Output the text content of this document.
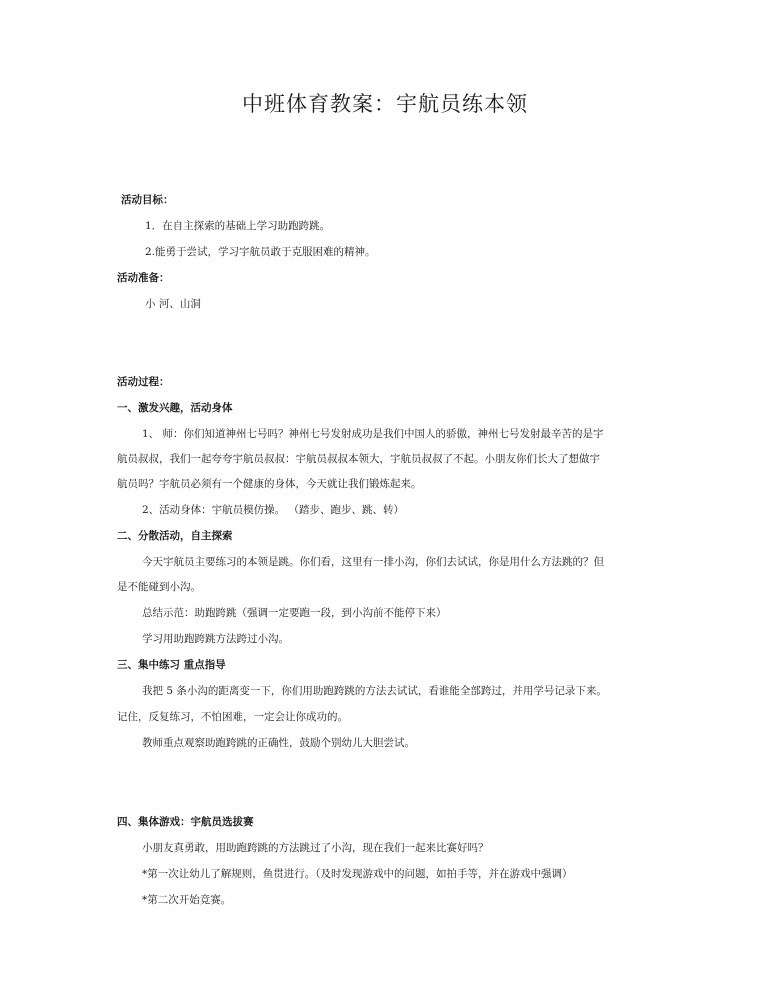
中班体育教案：宇航员练本领
活动目标：
1．在自主探索的基础上学习助跑跨跳。
2.能勇于尝试，学习宇航员敢于克服困难的精神。
活动准备：
小 河、山洞
活动过程：
一、激发兴趣，活动身体
1、 师：你们知道神州七号吗？神州七号发射成功是我们中国人的骄傲，神州七号发射最辛苦的是宇
航员叔叔，我们一起夸夸宇航员叔叔：宇航员叔叔本领大，宇航员叔叔了不起。小朋友你们长大了想做宇
航员吗？宇航员必须有一个健康的身体，今天就让我们锻炼起来。
2、活动身体：宇航员模仿操。 （踏步、跑步、跳、转）
二、分散活动，自主探索
今天宇航员主要练习的本领是跳。你们看，这里有一排小沟，你们去试试，你是用什么方法跳的？但
是不能碰到小沟。
总结示范：助跑跨跳（强调一定要跑一段，到小沟前不能停下来）
学习用助跑跨跳方法跨过小沟。
三、集中练习 重点指导
我把 5 条小沟的距离变一下，你们用助跑跨跳的方法去试试，看谁能全部跨过，并用学号记录下来。
记住，反复练习，不怕困难，一定会让你成功的。
教师重点观察助跑跨跳的正确性，鼓励个别幼儿大胆尝试。
四、集体游戏：宇航员选拔赛
小朋友真勇敢，用助跑跨跳的方法跳过了小沟，现在我们一起来比赛好吗？
*第一次让幼儿了解规则，鱼贯进行。（及时发现游戏中的问题，如拍手等，并在游戏中强调）
*第二次开始竞赛。
